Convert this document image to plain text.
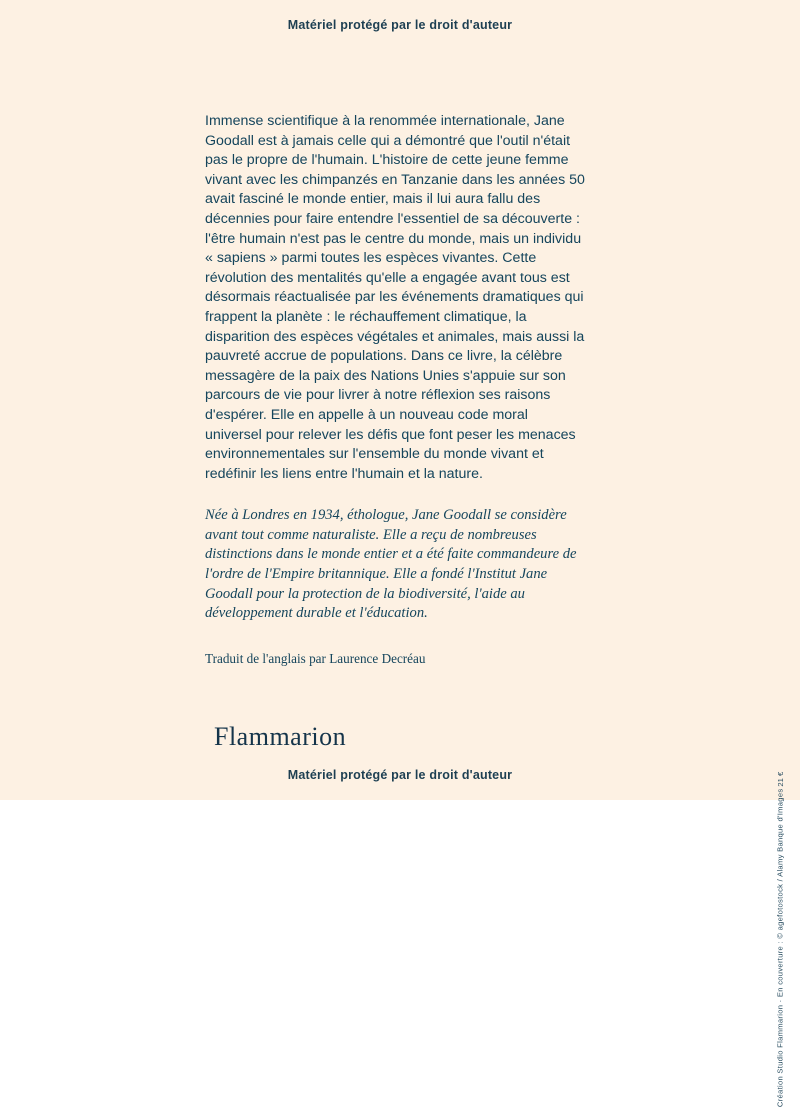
Matériel protégé par le droit d'auteur

Immense scientifique à la renommée internationale, Jane Goodall est à jamais celle qui a démontré que l'outil n'était pas le propre de l'humain. L'histoire de cette jeune femme vivant avec les chimpanzés en Tanzanie dans les années 50 avait fasciné le monde entier, mais il lui aura fallu des décennies pour faire entendre l'essentiel de sa découverte : l'être humain n'est pas le centre du monde, mais un individu « sapiens » parmi toutes les espèces vivantes. Cette révolution des mentalités qu'elle a engagée avant tous est désormais réactualisée par les événements dramatiques qui frappent la planète : le réchauffement climatique, la disparition des espèces végétales et animales, mais aussi la pauvreté accrue de populations. Dans ce livre, la célèbre messagère de la paix des Nations Unies s'appuie sur son parcours de vie pour livrer à notre réflexion ses raisons d'espérer. Elle en appelle à un nouveau code moral universel pour relever les défis que font peser les menaces environnementales sur l'ensemble du monde vivant et redéfinir les liens entre l'humain et la nature.

Née à Londres en 1934, éthologue, Jane Goodall se considère avant tout comme naturaliste. Elle a reçu de nombreuses distinctions dans le monde entier et a été faite commandeure de l'ordre de l'Empire britannique. Elle a fondé l'Institut Jane Goodall pour la protection de la biodiversité, l'aide au développement durable et l'éducation.

Traduit de l'anglais par Laurence Decréau

Flammarion
Création Studio Flammarion · En couverture : © agefotostock / Alamy Banque d'Images
21 €
Matériel protégé par le droit d'auteur
